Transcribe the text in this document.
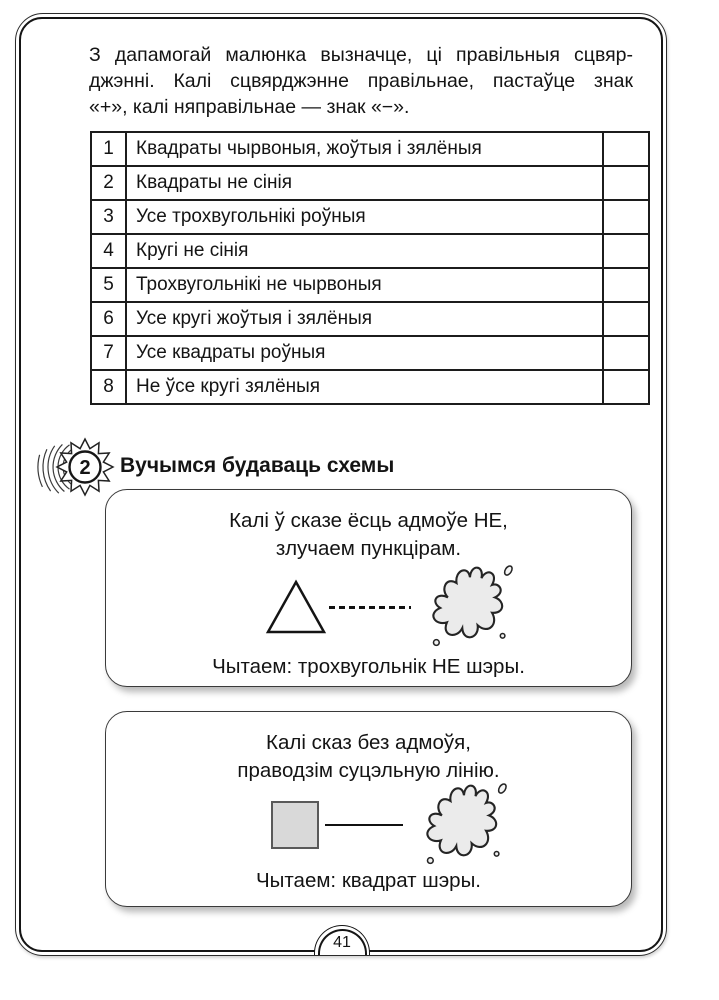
З дапамогай малюнка вызначце, ці правільныя сцвяр-
джэнні. Калі сцвярджэнне правільнае, пастаўце знак
«+», калі няправільнае — знак «−».
1	Квадраты чырвоныя, жоўтыя і зялёныя	
2	Квадраты не сінія	
3	Усе трохвугольнікі роўныя	
4	Кругі не сінія	
5	Трохвугольнікі не чырвоныя	
6	Усе кругі жоўтыя і зялёныя	
7	Усе квадраты роўныя	
8	Не ўсе кругі зялёныя	
2 Вучымся будаваць схемы
Калі ў сказе ёсць адмоўе НЕ,
злучаем пункцірам.
Чытаем: трохвугольнік НЕ шэры.
Калі сказ без адмоўя,
праводзім суцэльную лінію.
Чытаем: квадрат шэры.
41
